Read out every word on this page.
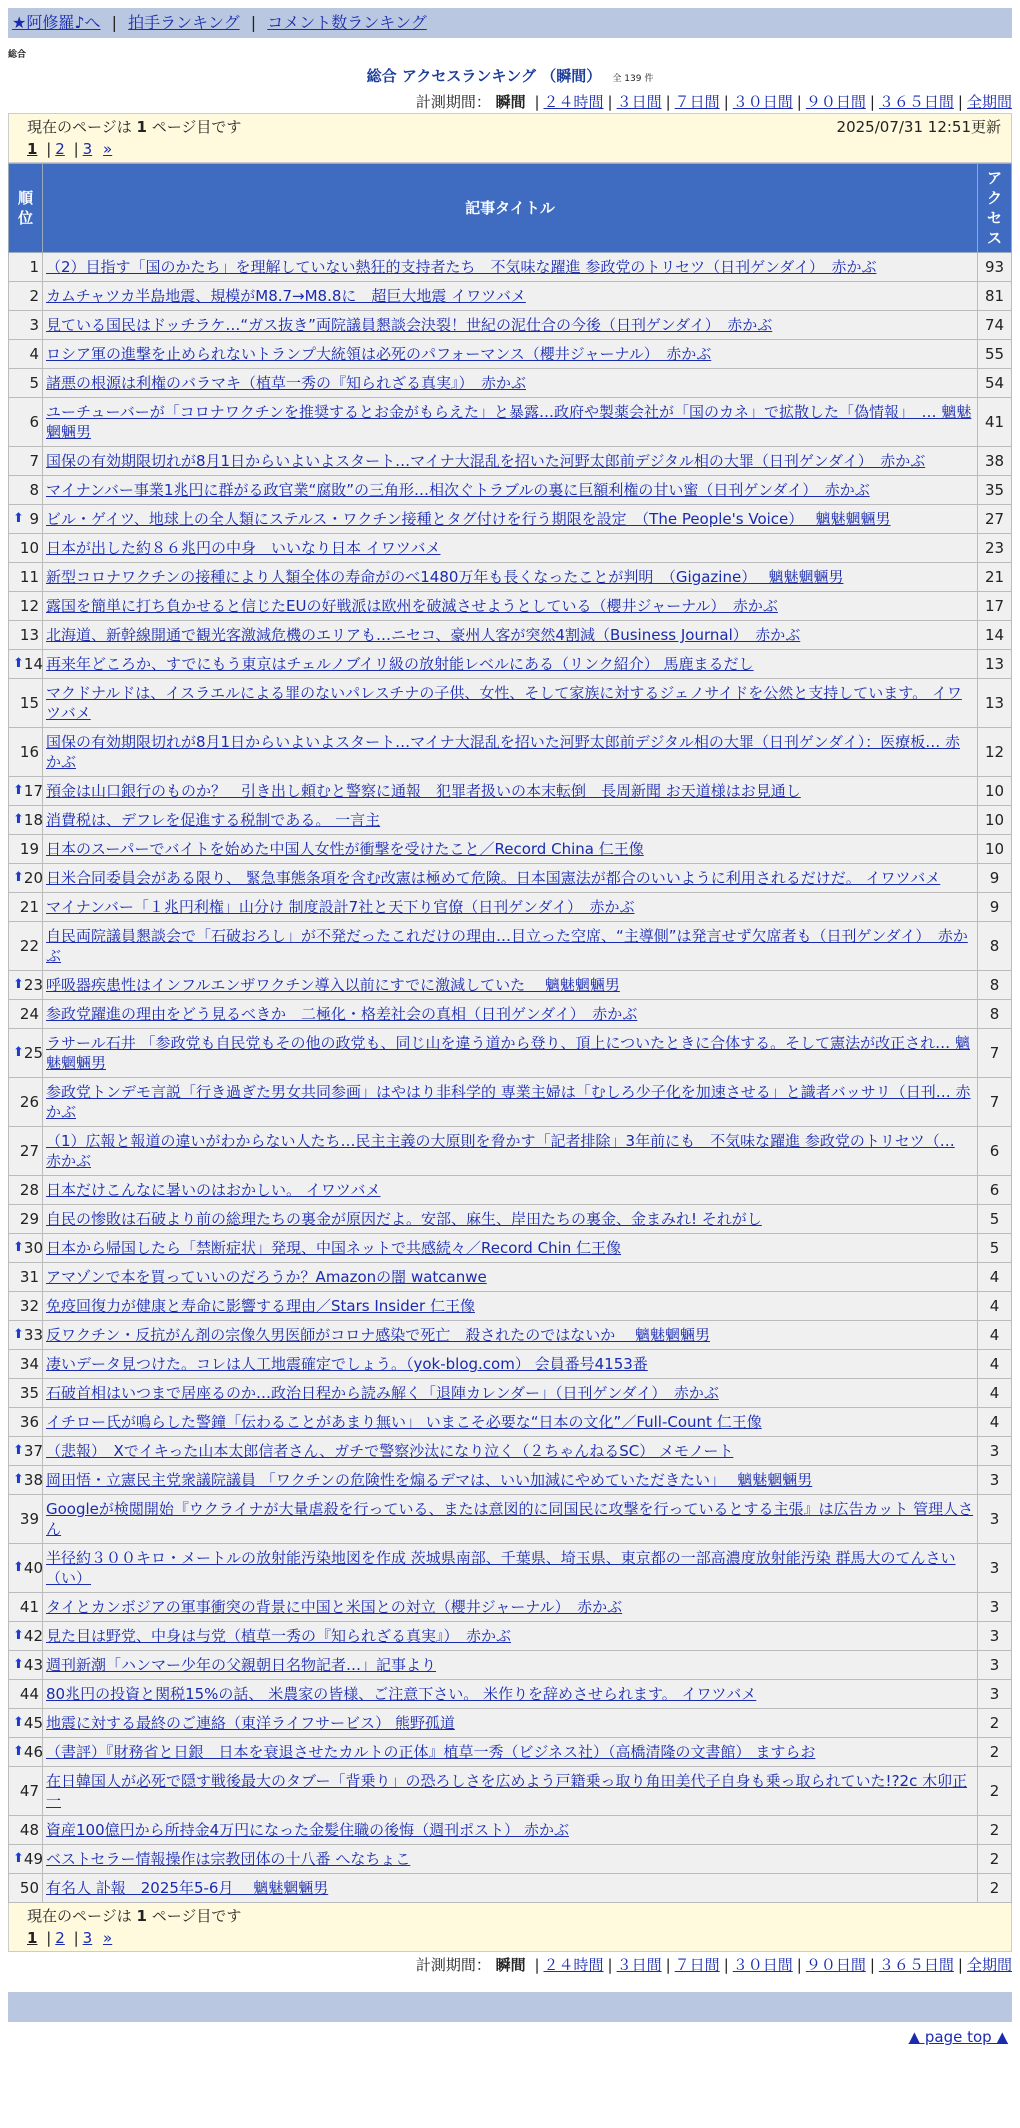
★阿修羅♪へ | 拍手ランキング | コメント数ランキング
総合
総合 アクセスランキング （瞬間） 全 139 件
計測期間： 瞬間 | ２４時間 | ３日間 | ７日間 | ３０日間 | ９０日間 | ３６５日間 | 全期間
現在のページは 1 ページ目です	2025/07/31 12:51更新
1 | 2 | 3 »
順位	記事タイトル	アクセス
1	（2）目指す「国のかたち」を理解していない熱狂的支持者たち　不気味な躍進 参政党のトリセツ（日刊ゲンダイ）　赤かぶ	93
2	カムチャツカ半島地震、規模がM8.7→M8.8に　超巨大地震 イワツバメ	81
3	見ている国民はドッチラケ…“ガス抜き”両院議員懇談会決裂！世紀の泥仕合の今後（日刊ゲンダイ）　赤かぶ	74
4	ロシア軍の進撃を止められないトランプ大統領は必死のパフォーマンス（櫻井ジャーナル）　赤かぶ	55
5	諸悪の根源は利権のバラマキ（植草一秀の『知られざる真実』）　赤かぶ	54
6	ユーチューバーが「コロナワクチンを推奨するとお金がもらえた」と暴露…政府や製薬会社が「国のカネ」で拡散した「偽情報」　… 魑魅魍魎男	41
7	国保の有効期限切れが8月1日からいよいよスタート…マイナ大混乱を招いた河野太郎前デジタル相の大罪（日刊ゲンダイ）　赤かぶ	38
8	マイナンバー事業1兆円に群がる政官業“腐敗”の三角形…相次ぐトラブルの裏に巨額利権の甘い蜜（日刊ゲンダイ）　赤かぶ	35

⬆ 9	ビル・ゲイツ、地球上の全人類にステルス・ワクチン接種とタグ付けを行う期限を設定　（The People's Voice）　 魑魅魍魎男	27
10	日本が出した約８６兆円の中身　いいなり日本 イワツバメ	23
11	新型コロナワクチンの接種により人類全体の寿命がのべ1480万年も長くなったことが判明　（Gigazine）　 魑魅魍魎男	21
12	露国を簡単に打ち負かせると信じたEUの好戦派は欧州を破滅させようとしている（櫻井ジャーナル）　赤かぶ	17
13	北海道、新幹線開通で観光客激減危機のエリアも…ニセコ、豪州人客が突然4割減（Business Journal）　赤かぶ	14

⬆ 14	再来年どころか、すでにもう東京はチェルノブイリ級の放射能レベルにある（リンク紹介） 馬鹿まるだし	13
15	マクドナルドは、イスラエルによる罪のないパレスチナの子供、女性、そして家族に対するジェノサイドを公然と支持しています。 イワツバメ	13
16	国保の有効期限切れが8月1日からいよいよスタート…マイナ大混乱を招いた河野太郎前デジタル相の大罪（日刊ゲンダイ）：医療板… 赤かぶ	12

⬆ 17	預金は山口銀行のものか？　引き出し頼むと警察に通報　犯罪者扱いの本末転倒　長周新聞 お天道様はお見通し	10

⬆ 18	消費税は、デフレを促進する税制である。 一言主	10
19	日本のスーパーでバイトを始めた中国人女性が衝撃を受けたこと／Record China 仁王像	10

⬆ 20	日米合同委員会がある限り、 緊急事態条項を含む改憲は極めて危険。日本国憲法が都合のいいように利用されるだけだ。 イワツバメ	9
21	マイナンバー「１兆円利権」山分け 制度設計7社と天下り官僚（日刊ゲンダイ）　赤かぶ	9
22	自民両院議員懇談会で「石破おろし」が不発だったこれだけの理由…目立った空席、“主導側”は発言せず欠席者も（日刊ゲンダイ）　赤かぶ	8

⬆ 23	呼吸器疾患性はインフルエンザワクチン導入以前にすでに激減していた　 魑魅魍魎男	8
24	参政党躍進の理由をどう見るべきか　二極化・格差社会の真相（日刊ゲンダイ）　赤かぶ	8

⬆ 25	ラサール石井 「参政党も自民党もその他の政党も、同じ山を違う道から登り、頂上についたときに合体する。そして憲法が改正され… 魑魅魍魎男	7
26	参政党トンデモ言説「行き過ぎた男女共同参画」はやはり非科学的 専業主婦は「むしろ少子化を加速させる」と識者バッサリ（日刊… 赤かぶ	7
27	（1）広報と報道の違いがわからない人たち…民主主義の大原則を脅かす「記者排除」3年前にも　不気味な躍進 参政党のトリセツ（… 赤かぶ	6
28	日本だけこんなに暑いのはおかしい。 イワツバメ	6
29	自民の惨敗は石破より前の総理たちの裏金が原因だよ。安部、麻生、岸田たちの裏金、金まみれ! それがし	5

⬆ 30	日本から帰国したら「禁断症状」発現、中国ネットで共感続々／Record Chin 仁王像	5
31	アマゾンで本を買っていいのだろうか？Amazonの闇 watcanwe	4
32	免疫回復力が健康と寿命に影響する理由／Stars Insider 仁王像	4

⬆ 33	反ワクチン・反抗がん剤の宗像久男医師がコロナ感染で死亡　殺されたのではないか　 魑魅魍魎男	4
34	凄いデータ見つけた。コレは人工地震確定でしょう。（yok-blog.com） 会員番号4153番	4
35	石破首相はいつまで居座るのか…政治日程から読み解く「退陣カレンダー」（日刊ゲンダイ）　赤かぶ	4
36	イチロー氏が鳴らした警鐘「伝わることがあまり無い」 いまこそ必要な“日本の文化”／Full-Count 仁王像	4

⬆ 37	（悲報）　Xでイキった山本太郎信者さん、ガチで警察沙汰になり泣く（２ちゃんねるSC） メモノート	3

⬆ 38	岡田悟・立憲民主党衆議院議員 「ワクチンの危険性を煽るデマは、いい加減にやめていただきたい」　 魑魅魍魎男	3
39	Googleが検閲開始『ウクライナが大量虐殺を行っている、または意図的に同国民に攻撃を行っているとする主張』は広告カット 管理人さん	3

⬆ 40	半径約３００キロ・メートルの放射能汚染地図を作成 茨城県南部、千葉県、埼玉県、東京都の一部高濃度放射能汚染 群馬大のてんさい（い）	3
41	タイとカンボジアの軍事衝突の背景に中国と米国との対立（櫻井ジャーナル）　赤かぶ	3

⬆ 42	見た目は野党、中身は与党（植草一秀の『知られざる真実』）　赤かぶ	3

⬆ 43	週刊新潮「ハンマー少年の父親朝日名物記者…」記事より	3
44	80兆円の投資と関税15%の話、 米農家の皆様、ご注意下さい。 米作りを辞めさせられます。 イワツバメ	3

⬆ 45	地震に対する最終のご連絡（東洋ライフサービス） 熊野孤道	2

⬆ 46	（書評）『財務省と日銀　日本を衰退させたカルトの正体』植草一秀（ビジネス社）（高橋清隆の文書館） ますらお	2
47	在日韓国人が必死で隠す戦後最大のタブー「背乗り」の恐ろしさを広めよう戸籍乗っ取り角田美代子自身も乗っ取られていた!?2c 木卯正一	2
48	資産100億円から所持金4万円になった金髪住職の後悔（週刊ポスト） 赤かぶ	2

⬆ 49	ベストセラー情報操作は宗教団体の十八番 へなちょこ	2
50	有名人 訃報　2025年5-6月　 魑魅魍魎男	2
現在のページは 1 ページ目です
1 | 2 | 3 »
計測期間： 瞬間 | ２４時間 | ３日間 | ７日間 | ３０日間 | ９０日間 | ３６５日間 | 全期間
▲ page top ▲
